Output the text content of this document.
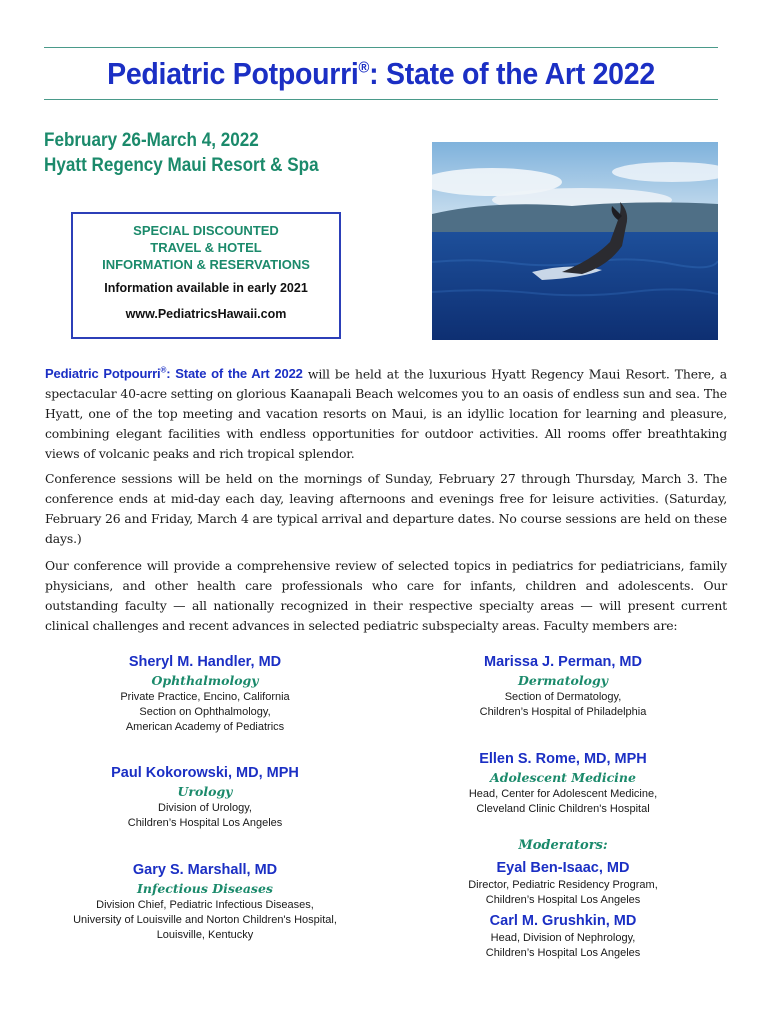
Pediatric Potpourri®: State of the Art 2022
February 26-March 4, 2022
Hyatt Regency Maui Resort & Spa
SPECIAL DISCOUNTED
TRAVEL & HOTEL
INFORMATION & RESERVATIONS
Information available in early 2021
www.PediatricsHawaii.com

Pediatric Potpourri®: State of the Art 2022 will be held at the luxurious Hyatt Regency Maui Resort. There, a spectacular 40-acre setting on glorious Kaanapali Beach welcomes you to an oasis of endless sun and sea. The Hyatt, one of the top meeting and vacation resorts on Maui, is an idyllic location for learning and pleasure, combining elegant facilities with endless opportunities for outdoor activities. All rooms offer breathtaking views of volcanic peaks and rich tropical splendor.

Conference sessions will be held on the mornings of Sunday, February 27 through Thursday, March 3. The conference ends at mid-day each day, leaving afternoons and evenings free for leisure activities. (Saturday, February 26 and Friday, March 4 are typical arrival and departure dates. No course sessions are held on these days.)

Our conference will provide a comprehensive review of selected topics in pediatrics for pediatricians, family physicians, and other health care professionals who care for infants, children and adolescents. Our outstanding faculty — all nationally recognized in their respective specialty areas — will present current clinical challenges and recent advances in selected pediatric subspecialty areas. Faculty members are:

Sheryl M. Handler, MD
Ophthalmology
Private Practice, Encino, California
Section on Ophthalmology,
American Academy of Pediatrics
Paul Kokorowski, MD, MPH
Urology
Division of Urology,
Children’s Hospital Los Angeles
Gary S. Marshall, MD
Infectious Diseases
Division Chief, Pediatric Infectious Diseases,
University of Louisville and Norton Children's Hospital,
Louisville, Kentucky
Marissa J. Perman, MD
Dermatology
Section of Dermatology,
Children’s Hospital of Philadelphia
Ellen S. Rome, MD, MPH
Adolescent Medicine
Head, Center for Adolescent Medicine,
Cleveland Clinic Children's Hospital
Moderators:
Eyal Ben-Isaac, MD
Director, Pediatric Residency Program,
Children’s Hospital Los Angeles
Carl M. Grushkin, MD
Head, Division of Nephrology,
Children’s Hospital Los Angeles
